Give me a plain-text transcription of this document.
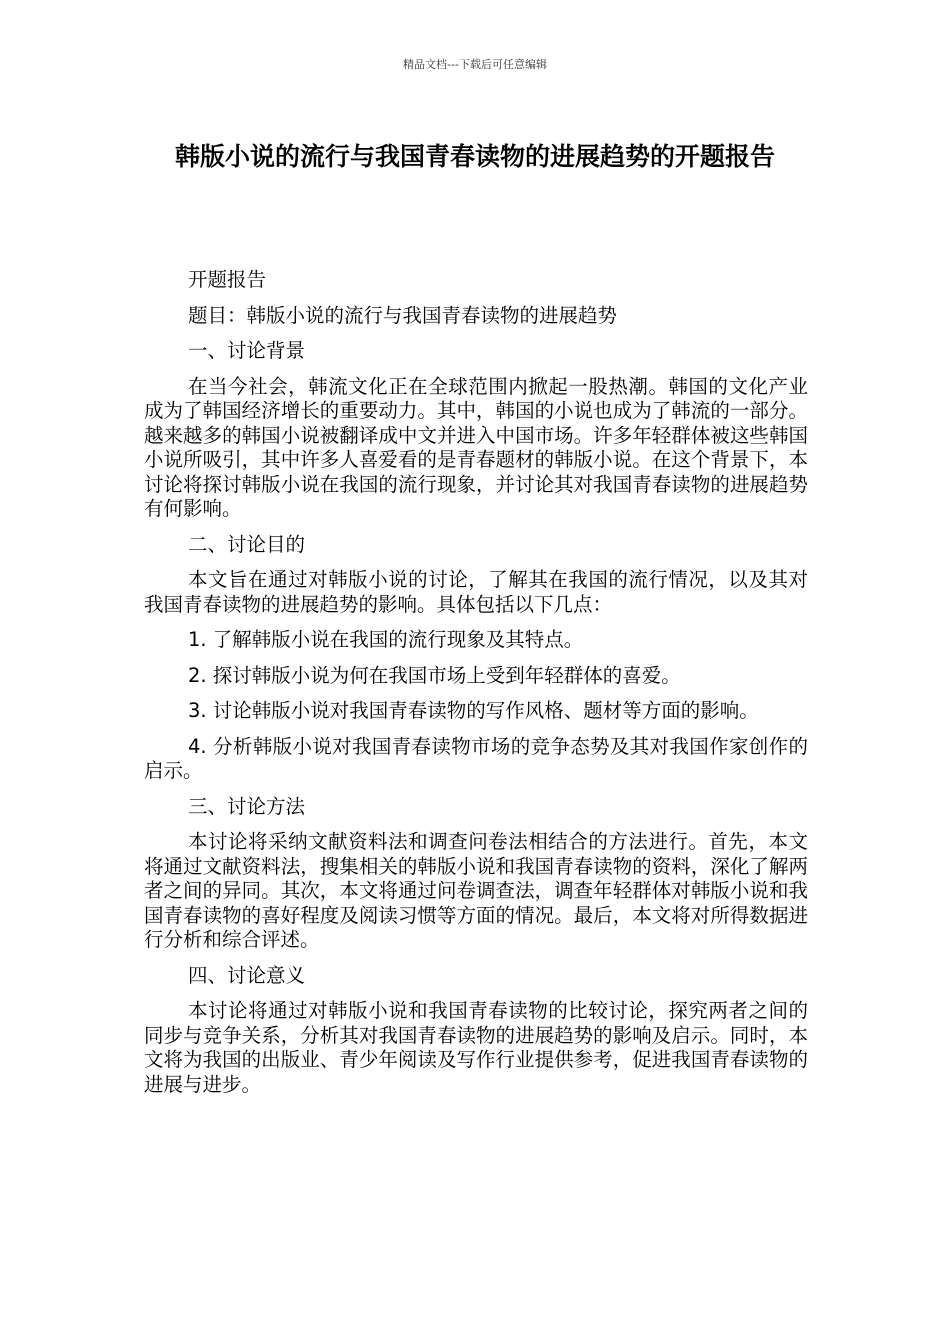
精品文档---下载后可任意编辑
韩版小说的流行与我国青春读物的进展趋势的开题报告

开题报告

题目：韩版小说的流行与我国青春读物的进展趋势

一、讨论背景

在当今社会，韩流文化正在全球范围内掀起一股热潮。韩国的文化产业成为了韩国经济增长的重要动力。其中，韩国的小说也成为了韩流的一部分。越来越多的韩国小说被翻译成中文并进入中国市场。许多年轻群体被这些韩国小说所吸引，其中许多人喜爱看的是青春题材的韩版小说。在这个背景下，本讨论将探讨韩版小说在我国的流行现象，并讨论其对我国青春读物的进展趋势有何影响。

二、讨论目的

本文旨在通过对韩版小说的讨论，了解其在我国的流行情况，以及其对我国青春读物的进展趋势的影响。具体包括以下几点：

1. 了解韩版小说在我国的流行现象及其特点。

2. 探讨韩版小说为何在我国市场上受到年轻群体的喜爱。

3. 讨论韩版小说对我国青春读物的写作风格、题材等方面的影响。

4. 分析韩版小说对我国青春读物市场的竞争态势及其对我国作家创作的启示。

三、讨论方法

本讨论将采纳文献资料法和调查问卷法相结合的方法进行。首先，本文将通过文献资料法，搜集相关的韩版小说和我国青春读物的资料，深化了解两者之间的异同。其次，本文将通过问卷调查法，调查年轻群体对韩版小说和我国青春读物的喜好程度及阅读习惯等方面的情况。最后，本文将对所得数据进行分析和综合评述。

四、讨论意义

本讨论将通过对韩版小说和我国青春读物的比较讨论，探究两者之间的同步与竞争关系，分析其对我国青春读物的进展趋势的影响及启示。同时，本文将为我国的出版业、青少年阅读及写作行业提供参考，促进我国青春读物的进展与进步。
